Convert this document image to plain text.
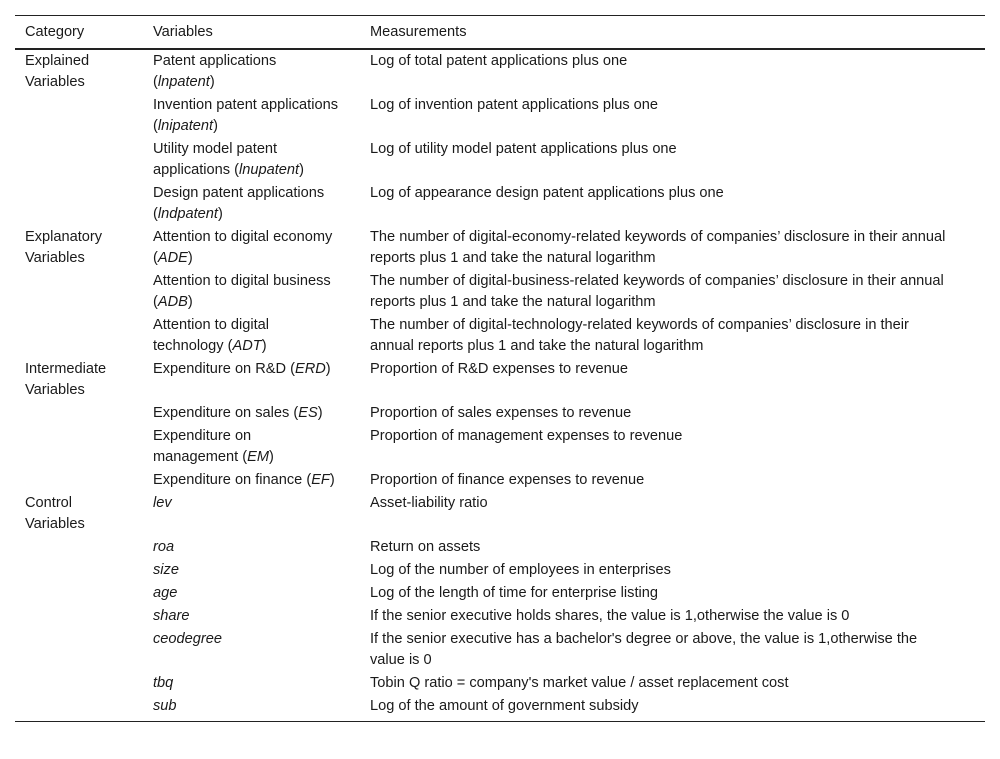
Category	Variables	Measurements
Explained Variables	Patent applications (lnpatent)	Log of total patent applications plus one
	Invention patent applications (lnipatent)	Log of invention patent applications plus one
	Utility model patent applications (lnupatent)	Log of utility model patent applications plus one
	Design patent applications (lndpatent)	Log of appearance design patent applications plus one
Explanatory Variables	Attention to digital economy (ADE)	The number of digital-economy-related keywords of companies’ disclosure in their annual reports plus 1 and take the natural logarithm
	Attention to digital business (ADB)	The number of digital-business-related keywords of companies’ disclosure in their annual reports plus 1 and take the natural logarithm
	Attention to digital technology (ADT)	The number of digital-technology-related keywords of companies’ disclosure in their annual reports plus 1 and take the natural logarithm
Intermediate Variables	Expenditure on R&D (ERD)	Proportion of R&D expenses to revenue
	Expenditure on sales (ES)	Proportion of sales expenses to revenue
	Expenditure on management (EM)	Proportion of management expenses to revenue
	Expenditure on finance (EF)	Proportion of finance expenses to revenue
Control Variables	lev	Asset-liability ratio
	roa	Return on assets
	size	Log of the number of employees in enterprises
	age	Log of the length of time for enterprise listing
	share	If the senior executive holds shares, the value is 1,otherwise the value is 0
	ceodegree	If the senior executive has a bachelor's degree or above, the value is 1,otherwise the value is 0
	tbq	Tobin Q ratio = company's market value / asset replacement cost
	sub	Log of the amount of government subsidy
